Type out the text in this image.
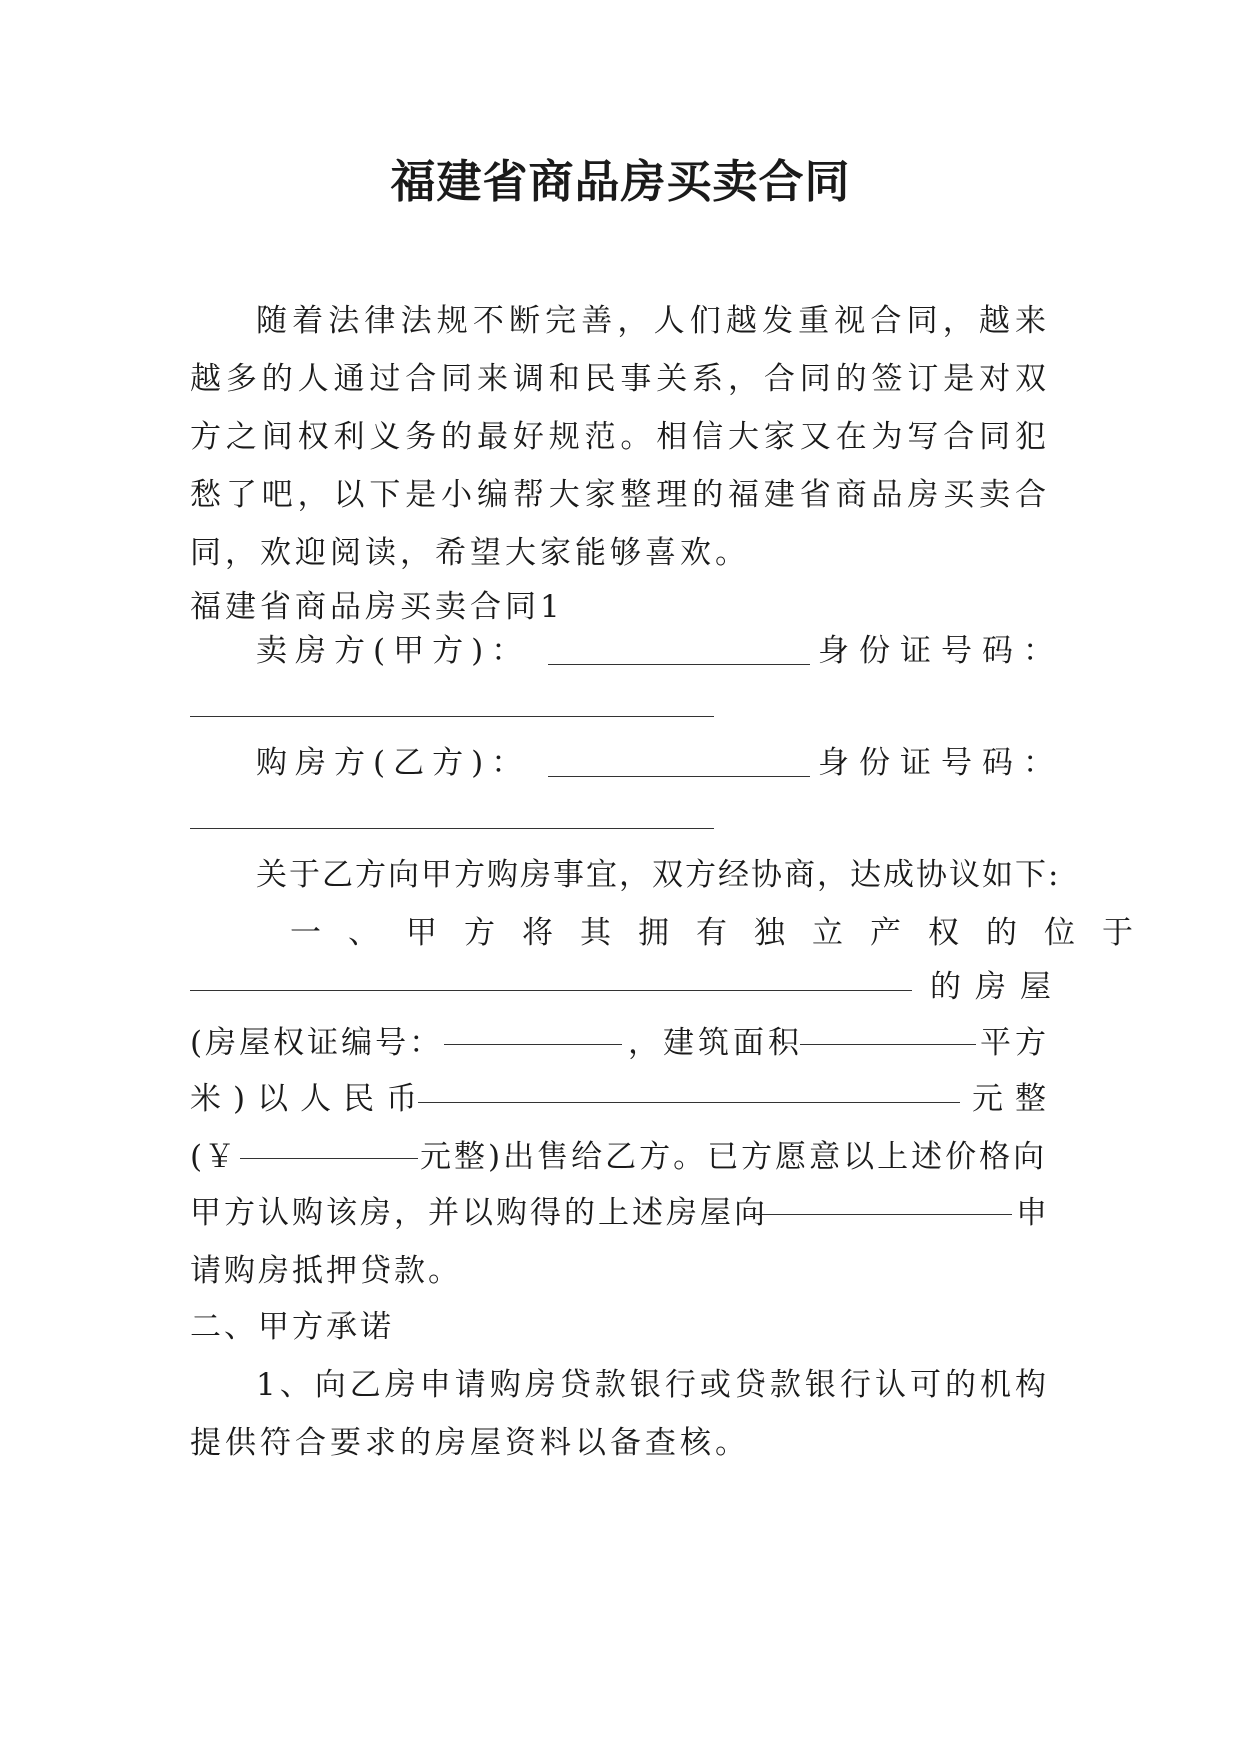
福建省商品房买卖合同

随着法律法规不断完善，人们越发重视合同，越来越多的人通过合同来调和民事关系，合同的签订是对双方之间权利义务的最好规范。相信大家又在为写合同犯愁了吧，以下是小编帮大家整理的福建省商品房买卖合同，欢迎阅读，希望大家能够喜欢。

福建省商品房买卖合同1

卖房方(甲方)：	身份证号码：
购房方(乙方)：	身份证号码：

关于乙方向甲方购房事宜，双方经协商，达成协议如下:

一、甲方将其拥有独立产权的位于

的房屋

(房屋权证编号：	，建筑面积	平方

米)以人民币	元整

(￥	元整)出售给乙方。已方愿意以上述价格向

甲方认购该房，并以购得的上述房屋向	申

请购房抵押贷款。

二、甲方承诺

1、向乙房申请购房贷款银行或贷款银行认可的机构提供符合要求的房屋资料以备查核。
